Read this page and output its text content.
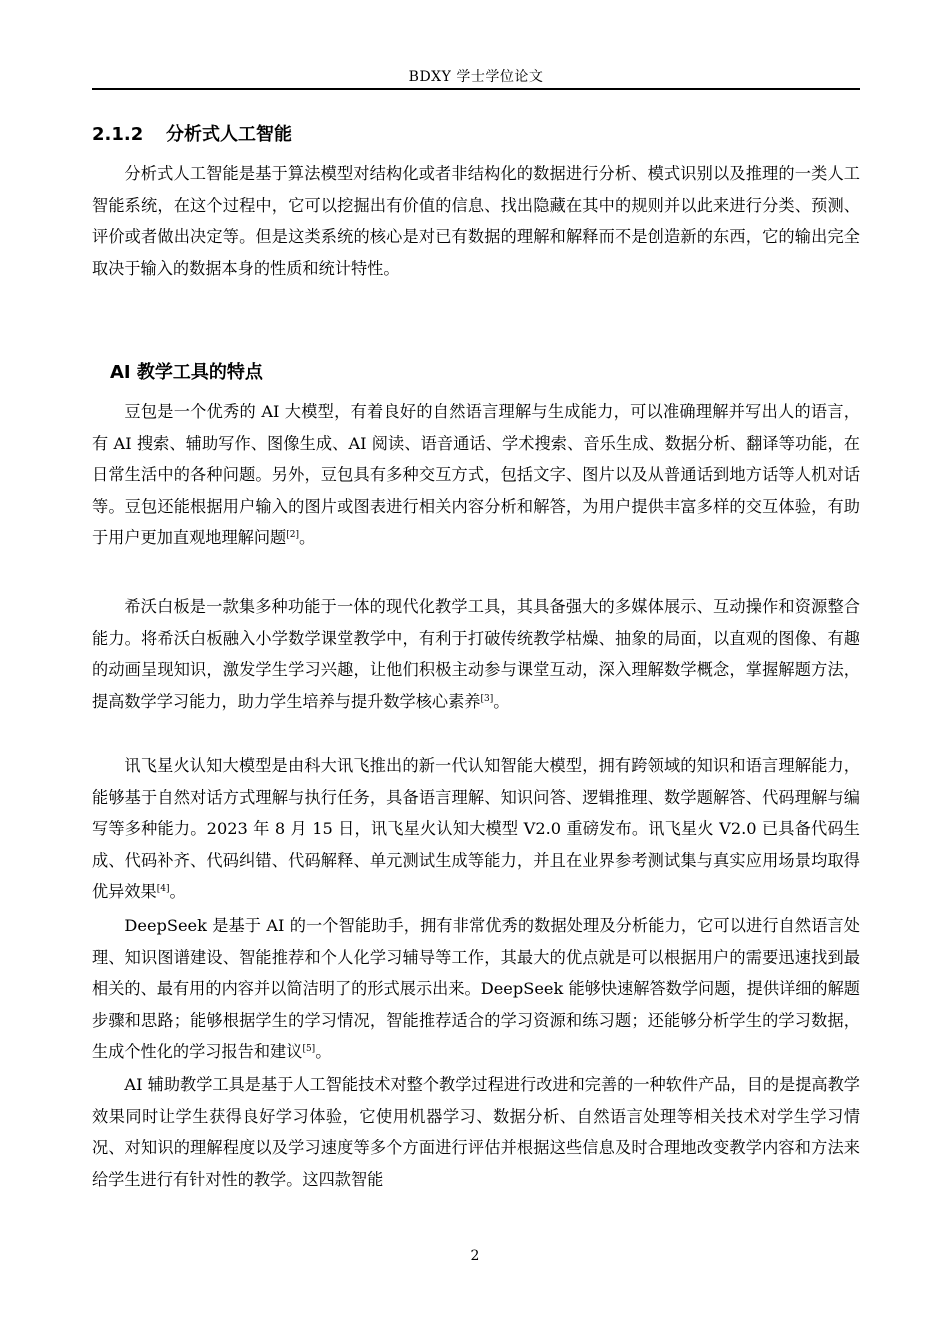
BDXY 学士学位论文
2.1.2 分析式人工智能

分析式人工智能是基于算法模型对结构化或者非结构化的数据进行分析、模式识别以及推理的一类人工智能系统，在这个过程中，它可以挖掘出有价值的信息、找出隐藏在其中的规则并以此来进行分类、预测、评价或者做出决定等。但是这类系统的核心是对已有数据的理解和解释而不是创造新的东西，它的输出完全取决于输入的数据本身的性质和统计特性。

AI 教学工具的特点

豆包是一个优秀的 AI 大模型，有着良好的自然语言理解与生成能力，可以准确理解并写出人的语言，有 AI 搜索、辅助写作、图像生成、AI 阅读、语音通话、学术搜索、音乐生成、数据分析、翻译等功能，在日常生活中的各种问题。另外，豆包具有多种交互方式，包括文字、图片以及从普通话到地方话等人机对话等。豆包还能根据用户输入的图片或图表进行相关内容分析和解答，为用户提供丰富多样的交互体验，有助于用户更加直观地理解问题[2]。

希沃白板是一款集多种功能于一体的现代化教学工具，其具备强大的多媒体展示、互动操作和资源整合能力。将希沃白板融入小学数学课堂教学中，有利于打破传统教学枯燥、抽象的局面，以直观的图像、有趣的动画呈现知识，激发学生学习兴趣，让他们积极主动参与课堂互动，深入理解数学概念，掌握解题方法，提高数学学习能力，助力学生培养与提升数学核心素养[3]。

讯飞星火认知大模型是由科大讯飞推出的新一代认知智能大模型，拥有跨领域的知识和语言理解能力，能够基于自然对话方式理解与执行任务，具备语言理解、知识问答、逻辑推理、数学题解答、代码理解与编写等多种能力。2023 年 8 月 15 日，讯飞星火认知大模型 V2.0 重磅发布。讯飞星火 V2.0 已具备代码生成、代码补齐、代码纠错、代码解释、单元测试生成等能力，并且在业界参考测试集与真实应用场景均取得优异效果[4]。

DeepSeek 是基于 AI 的一个智能助手，拥有非常优秀的数据处理及分析能力，它可以进行自然语言处理、知识图谱建设、智能推荐和个人化学习辅导等工作，其最大的优点就是可以根据用户的需要迅速找到最相关的、最有用的内容并以简洁明了的形式展示出来。DeepSeek 能够快速解答数学问题，提供详细的解题步骤和思路；能够根据学生的学习情况，智能推荐适合的学习资源和练习题；还能够分析学生的学习数据，生成个性化的学习报告和建议[5]。

AI 辅助教学工具是基于人工智能技术对整个教学过程进行改进和完善的一种软件产品，目的是提高教学效果同时让学生获得良好学习体验，它使用机器学习、数据分析、自然语言处理等相关技术对学生学习情况、对知识的理解程度以及学习速度等多个方面进行评估并根据这些信息及时合理地改变教学内容和方法来给学生进行有针对性的教学。这四款智能

2
